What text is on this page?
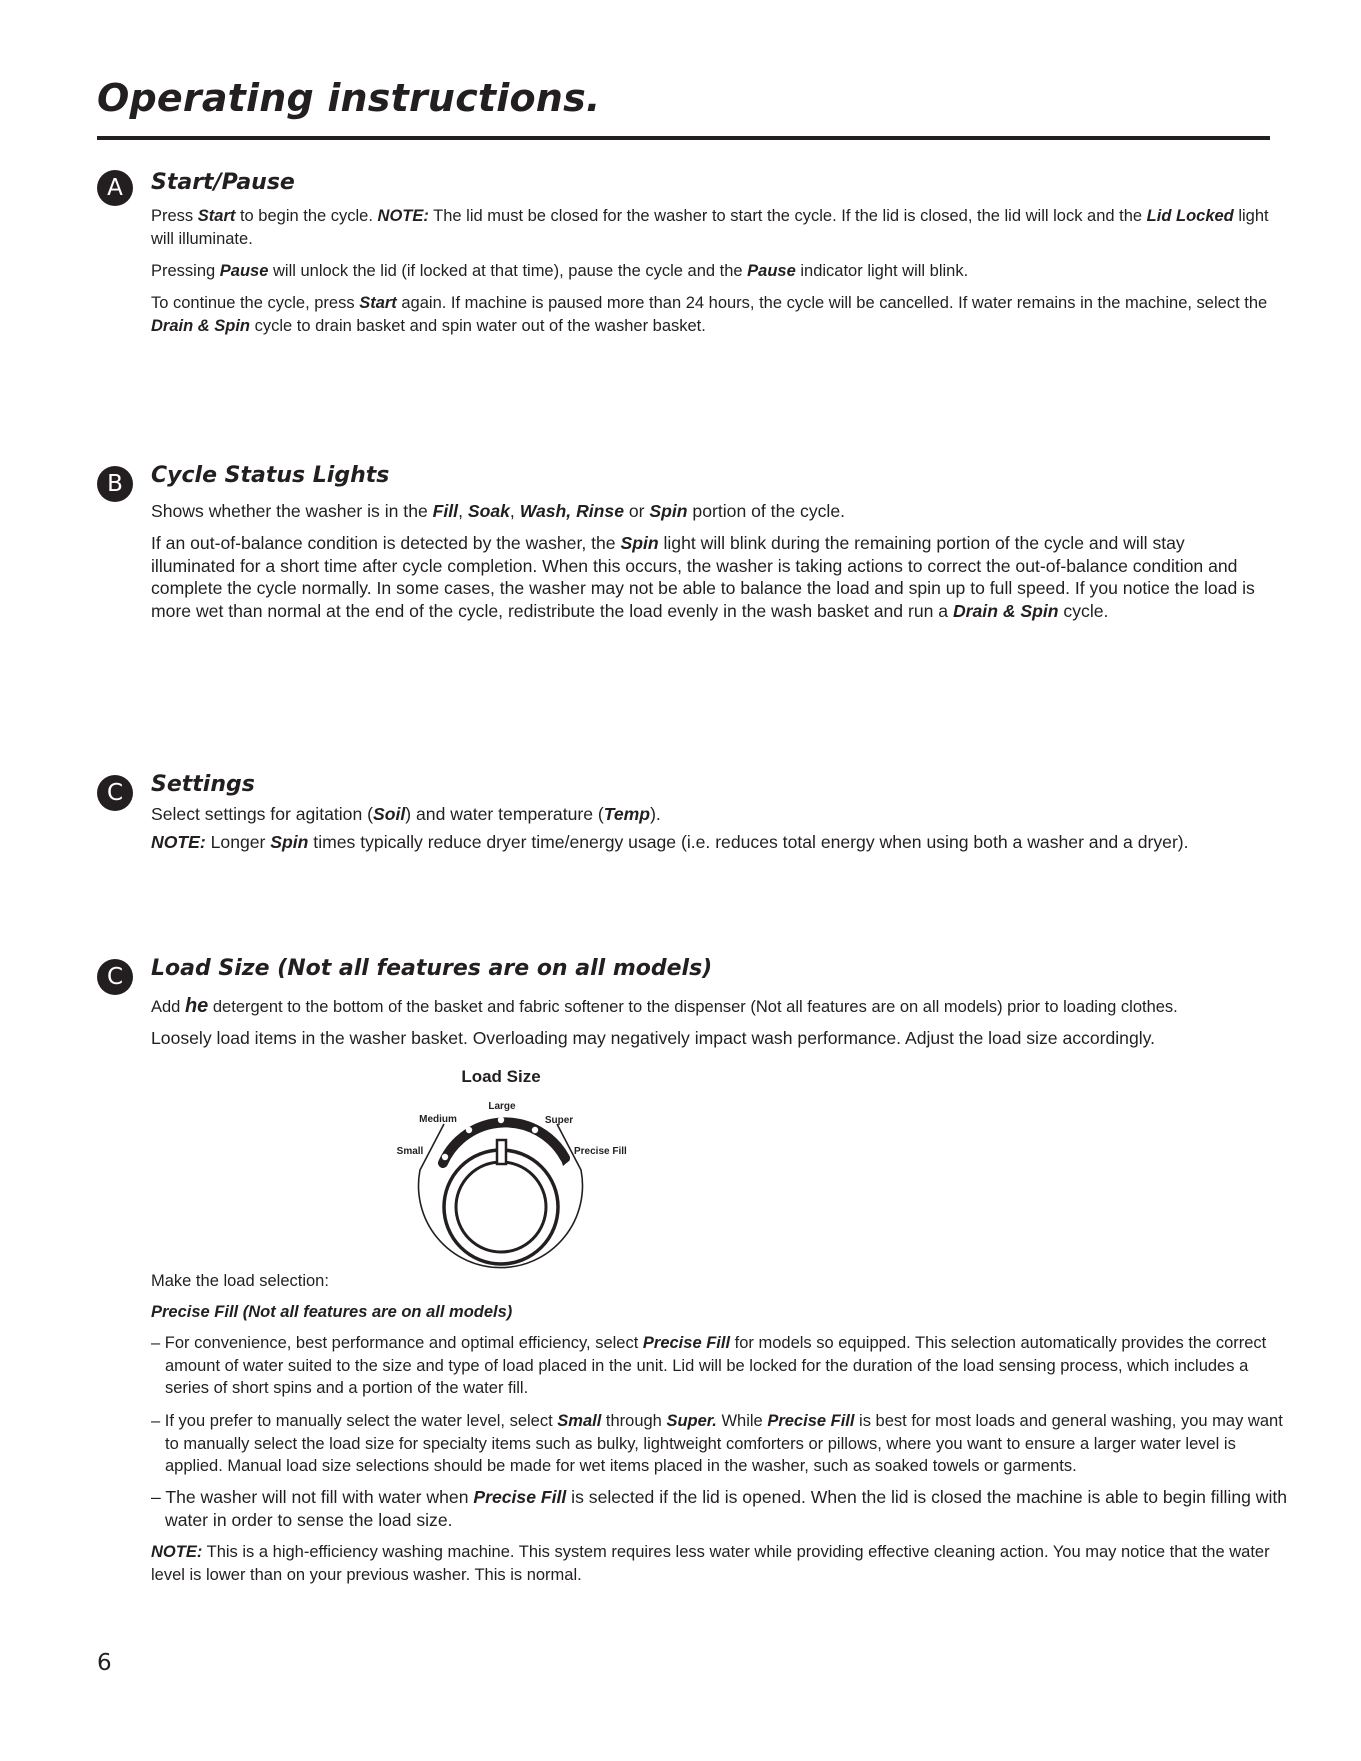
Operating instructions.
A	Start/Pause

Press Start to begin the cycle. NOTE: The lid must be closed for the washer to start the cycle. If the lid is closed, the lid will lock and the Lid Locked light will illuminate.

Pressing Pause will unlock the lid (if locked at that time), pause the cycle and the Pause indicator light will blink.

To continue the cycle, press Start again. If machine is paused more than 24 hours, the cycle will be cancelled. If water remains in the machine, select the Drain & Spin cycle to drain basket and spin water out of the washer basket.

B	Cycle Status Lights

Shows whether the washer is in the Fill, Soak, Wash, Rinse or Spin portion of the cycle.

If an out-of-balance condition is detected by the washer, the Spin light will blink during the remaining portion of the cycle and will stay illuminated for a short time after cycle completion. When this occurs, the washer is taking actions to correct the out-of-balance condition and complete the cycle normally. In some cases, the washer may not be able to balance the load and spin up to full speed. If you notice the load is more wet than normal at the end of the cycle, redistribute the load evenly in the wash basket and run a Drain & Spin cycle.

C	Settings

Select settings for agitation (Soil) and water temperature (Temp).

NOTE: Longer Spin times typically reduce dryer time/energy usage (i.e. reduces total energy when using both a washer and a dryer).

C	Load Size (Not all features are on all models)

Add he detergent to the bottom of the basket and fabric softener to the dispenser (Not all features are on all models) prior to loading clothes.

Loosely load items in the washer basket. Overloading may negatively impact wash performance. Adjust the load size accordingly.

Load Size
Large
Medium	Super
Small	Precise Fill

Make the load selection:

Precise Fill (Not all features are on all models)

– For convenience, best performance and optimal efficiency, select Precise Fill for models so equipped. This selection automatically provides the correct amount of water suited to the size and type of load placed in the unit. Lid will be locked for the duration of the load sensing process, which includes a series of short spins and a portion of the water fill.

– If you prefer to manually select the water level, select Small through Super. While Precise Fill is best for most loads and general washing, you may want to manually select the load size for specialty items such as bulky, lightweight comforters or pillows, where you want to ensure a larger water level is applied. Manual load size selections should be made for wet items placed in the washer, such as soaked towels or garments.

– The washer will not fill with water when Precise Fill is selected if the lid is opened. When the lid is closed the machine is able to begin filling with water in order to sense the load size.

NOTE: This is a high-efficiency washing machine. This system requires less water while providing effective cleaning action. You may notice that the water level is lower than on your previous washer. This is normal.

6
